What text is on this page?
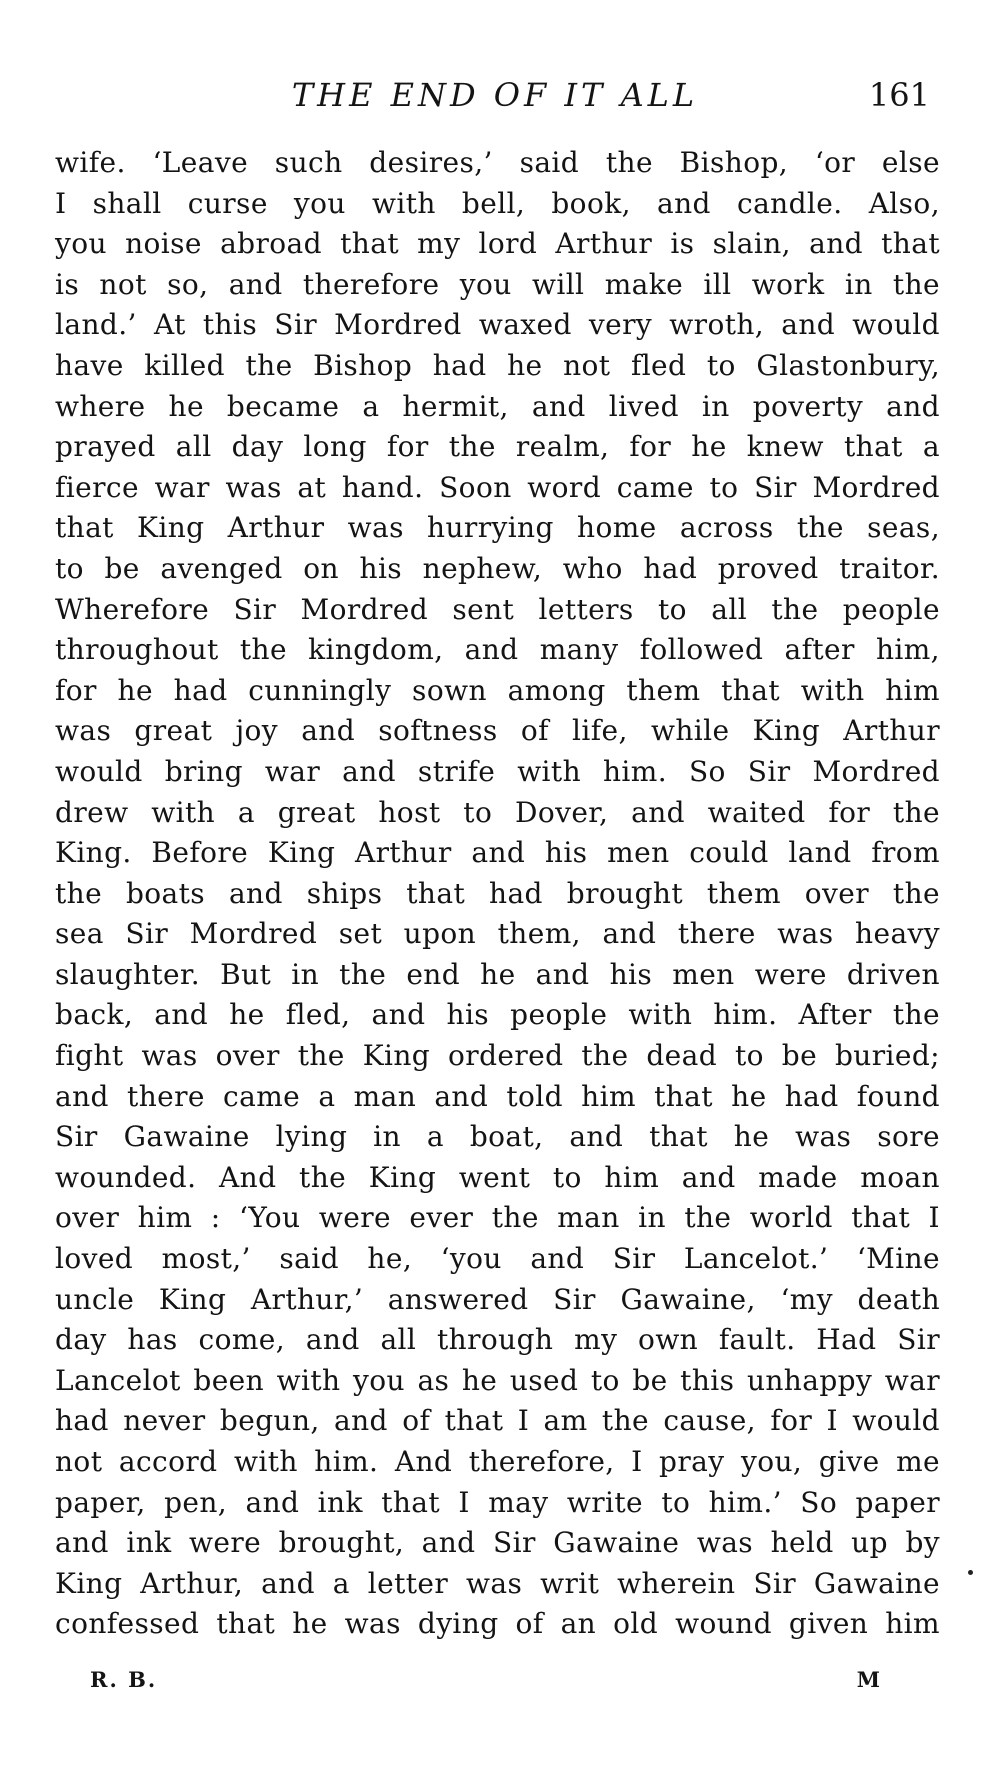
THE END OF IT ALL	161
wife. ‘Leave such desires,’ said the Bishop, ‘or else
I shall curse you with bell, book, and candle. Also,
you noise abroad that my lord Arthur is slain, and that
is not so, and therefore you will make ill work in the
land.’ At this Sir Mordred waxed very wroth, and would
have killed the Bishop had he not fled to Glastonbury,
where he became a hermit, and lived in poverty and
prayed all day long for the realm, for he knew that a
fierce war was at hand. Soon word came to Sir Mordred
that King Arthur was hurrying home across the seas,
to be avenged on his nephew, who had proved traitor.
Wherefore Sir Mordred sent letters to all the people
throughout the kingdom, and many followed after him,
for he had cunningly sown among them that with him
was great joy and softness of life, while King Arthur
would bring war and strife with him. So Sir Mordred
drew with a great host to Dover, and waited for the
King. Before King Arthur and his men could land from
the boats and ships that had brought them over the
sea Sir Mordred set upon them, and there was heavy
slaughter. But in the end he and his men were driven
back, and he fled, and his people with him. After the
fight was over the King ordered the dead to be buried;
and there came a man and told him that he had found
Sir Gawaine lying in a boat, and that he was sore
wounded. And the King went to him and made moan
over him : ‘You were ever the man in the world that I
loved most,’ said he, ‘you and Sir Lancelot.’ ‘Mine
uncle King Arthur,’ answered Sir Gawaine, ‘my death
day has come, and all through my own fault. Had Sir
Lancelot been with you as he used to be this unhappy war
had never begun, and of that I am the cause, for I would
not accord with him. And therefore, I pray you, give me
paper, pen, and ink that I may write to him.’ So paper
and ink were brought, and Sir Gawaine was held up by
King Arthur, and a letter was writ wherein Sir Gawaine
confessed that he was dying of an old wound given him
R. B.	M
